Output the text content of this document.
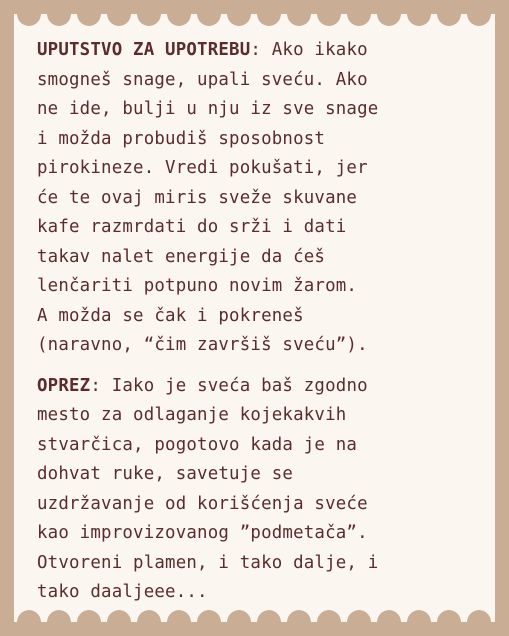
UPUTSTVO ZA UPOTREBU: Ako ikako
smogneš snage, upali sveću. Ako
ne ide, bulji u nju iz sve snage
i možda probudiš sposobnost
pirokineze. Vredi pokušati, jer
će te ovaj miris sveže skuvane
kafe razmrdati do srži i dati
takav nalet energije da ćeš
lenčariti potpuno novim žarom.
A možda se čak i pokreneš
(naravno, “čim završiš sveću”).

OPREZ: Iako je sveća baš zgodno
mesto za odlaganje kojekakvih
stvarčica, pogotovo kada je na
dohvat ruke, savetuje se
uzdržavanje od korišćenja sveće
kao improvizovanog ”podmetača”.
Otvoreni plamen, i tako dalje, i
tako daaljeee...
